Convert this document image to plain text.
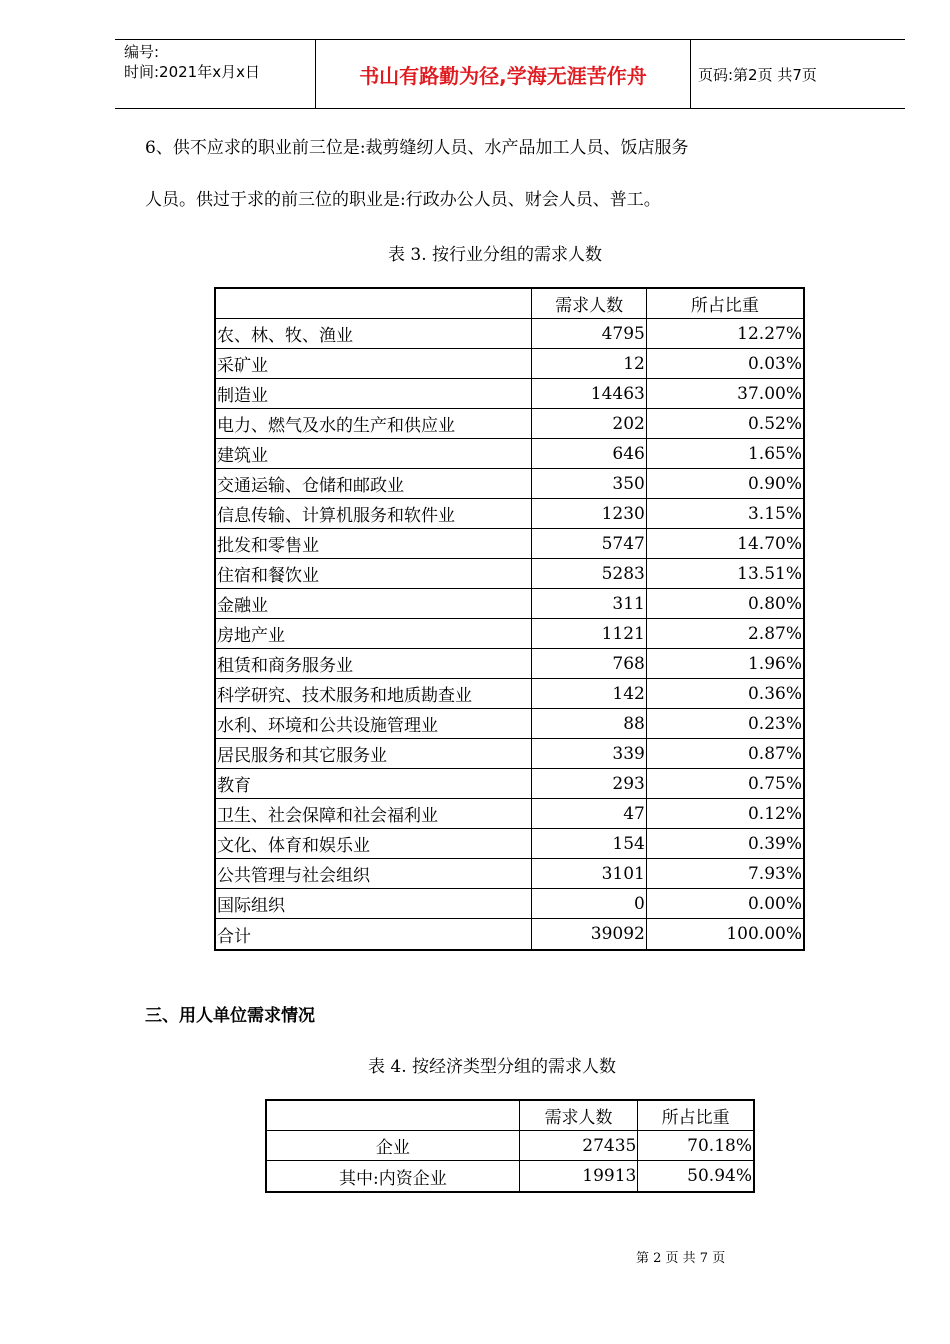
编号:
时间:2021年x月x日	书山有路勤为径,学海无涯苦作舟	页码:第2页 共7页
6、供不应求的职业前三位是:裁剪缝纫人员、水产品加工人员、饭店服务
人员。供过于求的前三位的职业是:行政办公人员、财会人员、普工。
表 3. 按行业分组的需求人数
	需求人数	所占比重
农、林、牧、渔业	4795	12.27%
采矿业	12	0.03%
制造业	14463	37.00%
电力、燃气及水的生产和供应业	202	0.52%
建筑业	646	1.65%
交通运输、仓储和邮政业	350	0.90%
信息传输、计算机服务和软件业	1230	3.15%
批发和零售业	5747	14.70%
住宿和餐饮业	5283	13.51%
金融业	311	0.80%
房地产业	1121	2.87%
租赁和商务服务业	768	1.96%
科学研究、技术服务和地质勘查业	142	0.36%
水利、环境和公共设施管理业	88	0.23%
居民服务和其它服务业	339	0.87%
教育	293	0.75%
卫生、社会保障和社会福利业	47	0.12%
文化、体育和娱乐业	154	0.39%
公共管理与社会组织	3101	7.93%
国际组织	0	0.00%
合计	39092	100.00%
三、用人单位需求情况
表 4. 按经济类型分组的需求人数
	需求人数	所占比重
企业	27435	70.18%
其中:内资企业	19913	50.94%
第 2 页 共 7 页
